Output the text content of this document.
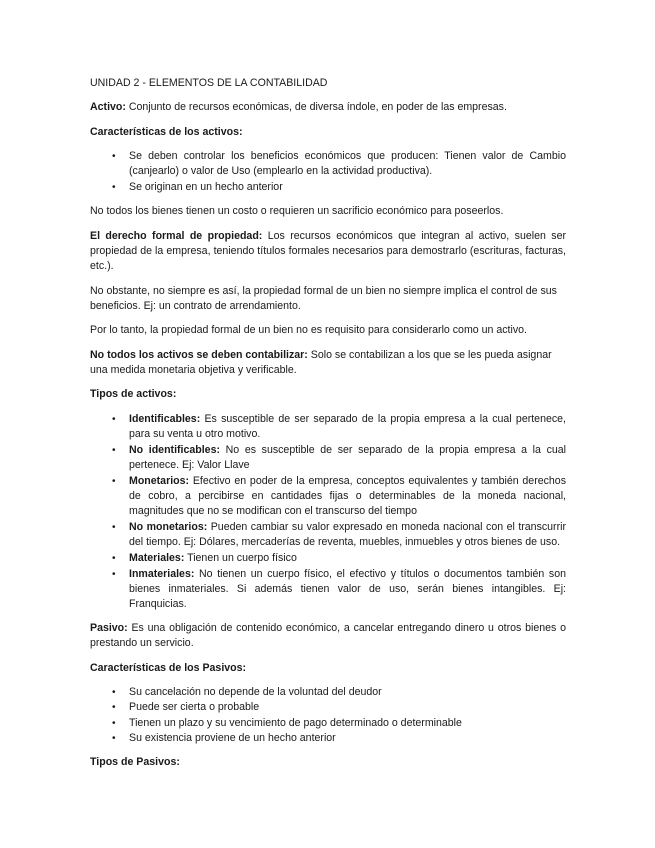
UNIDAD 2 - ELEMENTOS DE LA CONTABILIDAD

Activo: Conjunto de recursos económicas, de diversa índole, en poder de las empresas.

Características de los activos:

• Se deben controlar los beneficios económicos que producen: Tienen valor de Cambio (canjearlo) o valor de Uso (emplearlo en la actividad productiva).
• Se originan en un hecho anterior

No todos los bienes tienen un costo o requieren un sacrificio económico para poseerlos.

El derecho formal de propiedad: Los recursos económicos que integran al activo, suelen ser propiedad de la empresa, teniendo títulos formales necesarios para demostrarlo (escrituras, facturas, etc.).

No obstante, no siempre es así, la propiedad formal de un bien no siempre implica el control de sus beneficios. Ej: un contrato de arrendamiento.

Por lo tanto, la propiedad formal de un bien no es requisito para considerarlo como un activo.

No todos los activos se deben contabilizar: Solo se contabilizan a los que se les pueda asignar una medida monetaria objetiva y verificable.

Tipos de activos:

• Identificables: Es susceptible de ser separado de la propia empresa a la cual pertenece, para su venta u otro motivo.
• No identificables: No es susceptible de ser separado de la propia empresa a la cual pertenece. Ej: Valor Llave
• Monetarios: Efectivo en poder de la empresa, conceptos equivalentes y también derechos de cobro, a percibirse en cantidades fijas o determinables de la moneda nacional, magnitudes que no se modifican con el transcurso del tiempo
• No monetarios: Pueden cambiar su valor expresado en moneda nacional con el transcurrir del tiempo. Ej: Dólares, mercaderías de reventa, muebles, inmuebles y otros bienes de uso.
• Materiales: Tienen un cuerpo físico
• Inmateriales: No tienen un cuerpo físico, el efectivo y títulos o documentos también son bienes inmateriales. Si además tienen valor de uso, serán bienes intangibles. Ej: Franquicias.

Pasivo: Es una obligación de contenido económico, a cancelar entregando dinero u otros bienes o prestando un servicio.

Características de los Pasivos:

• Su cancelación no depende de la voluntad del deudor
• Puede ser cierta o probable
• Tienen un plazo y su vencimiento de pago determinado o determinable
• Su existencia proviene de un hecho anterior

Tipos de Pasivos:
